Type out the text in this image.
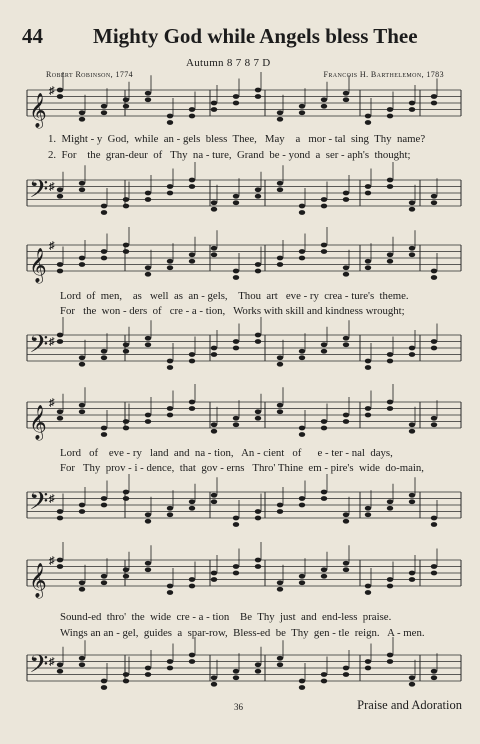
44 Mighty God while Angels bless Thee
Autumn 8 7 8 7 D
Robert Robinson, 1774	Francois H. Barthelemon, 1783
𝄞
♯
1.  Might - y  God,  while  an - gels  bless  Thee,   May    a   mor - tal  sing  Thy  name?
2.  For    the  gran-deur  of   Thy  na - ture,  Grand  be - yond  a  ser - aph's  thought;
𝄢 ♯
𝄞
♯
Lord  of  men,    as   well  as  an - gels,    Thou  art   eve - ry  crea - ture's  theme.
For   the  won - ders  of   cre - a - tion,   Works with skill and kindness wrought;
𝄢 ♯
𝄞
♯
Lord   of    eve - ry   land  and  na - tion,   An - cient   of      e - ter - nal  days,
For   Thy  prov - i - dence,  that  gov - erns   Thro' Thine  em - pire's  wide  do-main,
𝄢 ♯
𝄞
♯
Sound-ed  thro'  the  wide  cre - a - tion    Be  Thy  just  and  end-less  praise.
Wings an an - gel,  guides  a  spar-row,  Bless-ed  be  Thy  gen - tle  reign.   A - men.
𝄢 ♯
36	Praise and Adoration
